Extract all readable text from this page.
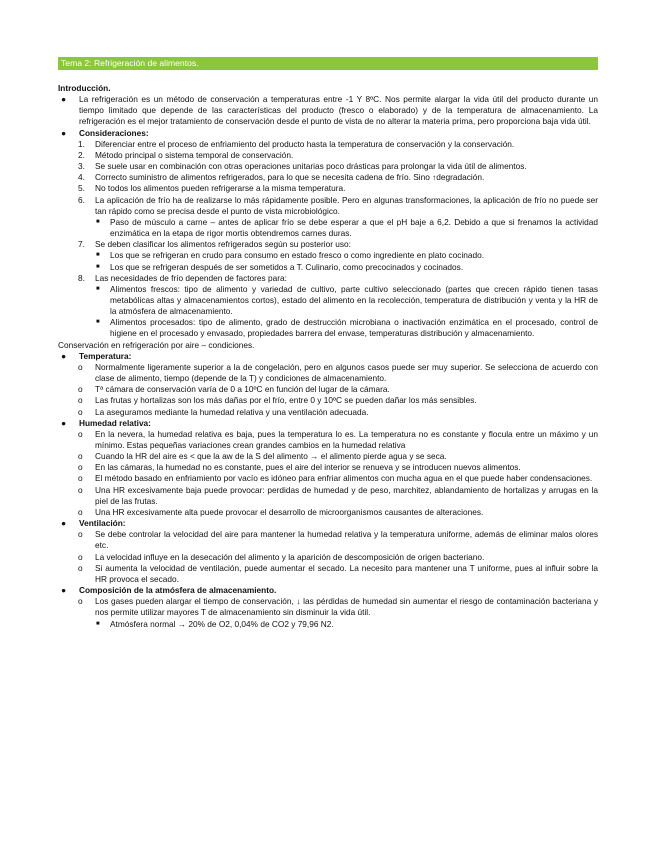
Tema 2: Refrigeración de alimentos.
Introducción.
●	La refrigeración es un método de conservación a temperaturas entre -1 Y 8ºC. Nos permite alargar la vida útil del producto durante un tiempo limitado que depende de las características del producto (fresco o elaborado) y de la temperatura de almacenamiento. La refrigeración es el mejor tratamiento de conservación desde el punto de vista de no alterar la materia prima, pero proporciona baja vida útil.
●	Consideraciones:
1.	Diferenciar entre el proceso de enfriamiento del producto hasta la temperatura de conservación y la conservación.
2.	Método principal o sistema temporal de conservación.
3.	Se suele usar en combinación con otras operaciones unitarias poco drásticas para prolongar la vida útil de alimentos.
4.	Correcto suministro de alimentos refrigerados, para lo que se necesita cadena de frío. Sino ↑degradación.
5.	No todos los alimentos pueden refrigerarse a la misma temperatura.
6.	La aplicación de frío ha de realizarse lo más rápidamente posible. Pero en algunas transformaciones, la aplicación de frío no puede ser tan rápido como se precisa desde el punto de vista microbiológico.
■	Paso de músculo a carne – antes de aplicar frío se debe esperar a que el pH baje a 6,2. Debido a que si frenamos la actividad enzimática en la etapa de rigor mortis obtendremos carnes duras.
7.	Se deben clasificar los alimentos refrigerados según su posterior uso:
■	Los que se refrigeran en crudo para consumo en estado fresco o como ingrediente en plato cocinado.
■	Los que se refrigeran después de ser sometidos a T. Culinario, como precocinados y cocinados.
8.	Las necesidades de frío dependen de factores para:
■	Alimentos frescos: tipo de alimento y variedad de cultivo, parte cultivo seleccionado (partes que crecen rápido tienen tasas metabólicas altas y almacenamientos cortos), estado del alimento en la recolección, temperatura de distribución y venta y la HR de la atmósfera de almacenamiento.
■	Alimentos procesados: tipo de alimento, grado de destrucción microbiana o inactivación enzimática en el procesado, control de higiene en el procesado y envasado, propiedades barrera del envase, temperaturas distribución y almacenamiento.
Conservación en refrigeración por aire – condiciones.
●	Temperatura:
o	Normalmente ligeramente superior a la de congelación, pero en algunos casos puede ser muy superior. Se selecciona de acuerdo con clase de alimento, tiempo (depende de la T) y condiciones de almacenamiento.
o	Tª cámara de conservación varía de 0 a 10ºC en función del lugar de la cámara.
o	Las frutas y hortalizas son los más dañas por el frío, entre 0 y 10ºC se pueden dañar los más sensibles.
o	La aseguramos mediante la humedad relativa y una ventilación adecuada.
●	Humedad relativa:
o	En la nevera, la humedad relativa es baja, pues la temperatura lo es. La temperatura no es constante y flocula entre un máximo y un mínimo. Estas pequeñas variaciones crean grandes cambios en la humedad relativa
o	Cuando la HR del aire es < que la aw de la S del alimento → el alimento pierde agua y se seca.
o	En las cámaras, la humedad no es constante, pues el aire del interior se renueva y se introducen nuevos alimentos.
o	El método basado en enfriamiento por vacío es idóneo para enfriar alimentos con mucha agua en el que puede haber condensaciones.
o	Una HR excesivamente baja puede provocar: perdidas de humedad y de peso, marchitez, ablandamiento de hortalizas y arrugas en la piel de las frutas.
o	Una HR excesivamente alta puede provocar el desarrollo de microorganismos causantes de alteraciones.
●	Ventilación:
o	Se debe controlar la velocidad del aire para mantener la humedad relativa y la temperatura uniforme, además de eliminar malos olores etc.
o	La velocidad influye en la desecación del alimento y la aparición de descomposición de origen bacteriano.
o	Si aumenta la velocidad de ventilación, puede aumentar el secado. La necesito para mantener una T uniforme, pues al influir sobre la HR provoca el secado.
●	Composición de la atmósfera de almacenamiento.
o	Los gases pueden alargar el tiempo de conservación, ↓ las pérdidas de humedad sin aumentar el riesgo de contaminación bacteriana y nos permite utilizar mayores T de almacenamiento sin disminuir la vida útil.
■	Atmósfera normal → 20% de O2, 0,04% de CO2 y 79,96 N2.
